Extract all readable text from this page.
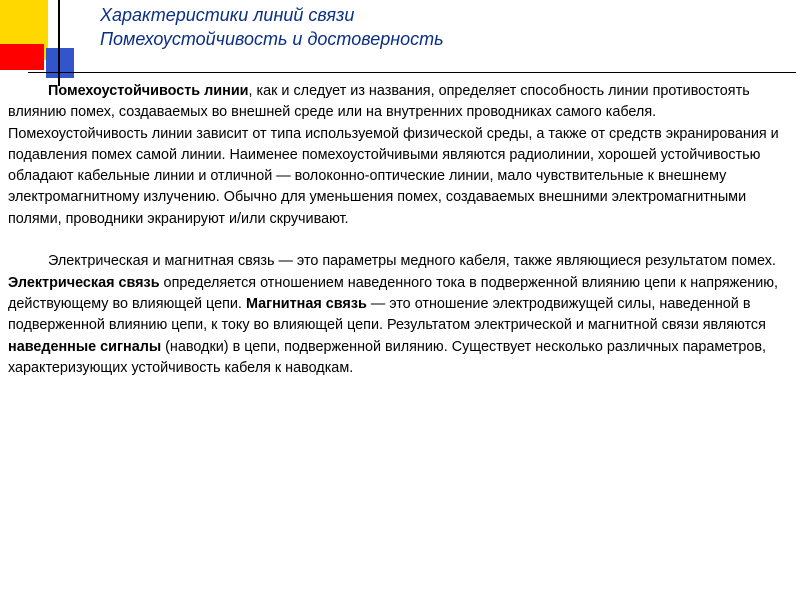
Характеристики линий связи
Помехоустойчивость и достоверность

Помехоустойчивость линии, как и следует из названия, определяет способность линии противостоять влиянию помех, создаваемых во внешней среде или на внутренних проводниках самого кабеля. Помехоустойчивость линии зависит от типа используемой физической среды, а также от средств экранирования и подавления помех самой линии. Наименее помехоустойчивыми являются радиолинии, хорошей устойчивостью обладают кабельные линии и отличной — волоконно-оптические линии, мало чувствительные к внешнему электромагнитному излучению. Обычно для уменьшения помех, создаваемых внешними электромагнитными полями, проводники экранируют и/или скручивают.

Электрическая и магнитная связь — это параметры медного кабеля, также являющиеся результатом помех. Электрическая связь определяется отношением наведенного тока в подверженной влиянию цепи к напряжению, действующему во влияющей цепи. Магнитная связь — это отношение электродвижущей силы, наведенной в подверженной влиянию цепи, к току во влияющей цепи. Результатом электрической и магнитной связи являются наведенные сигналы (наводки) в цепи, подверженной вилянию. Существует несколько различных параметров, характеризующих устойчивость кабеля к наводкам.
